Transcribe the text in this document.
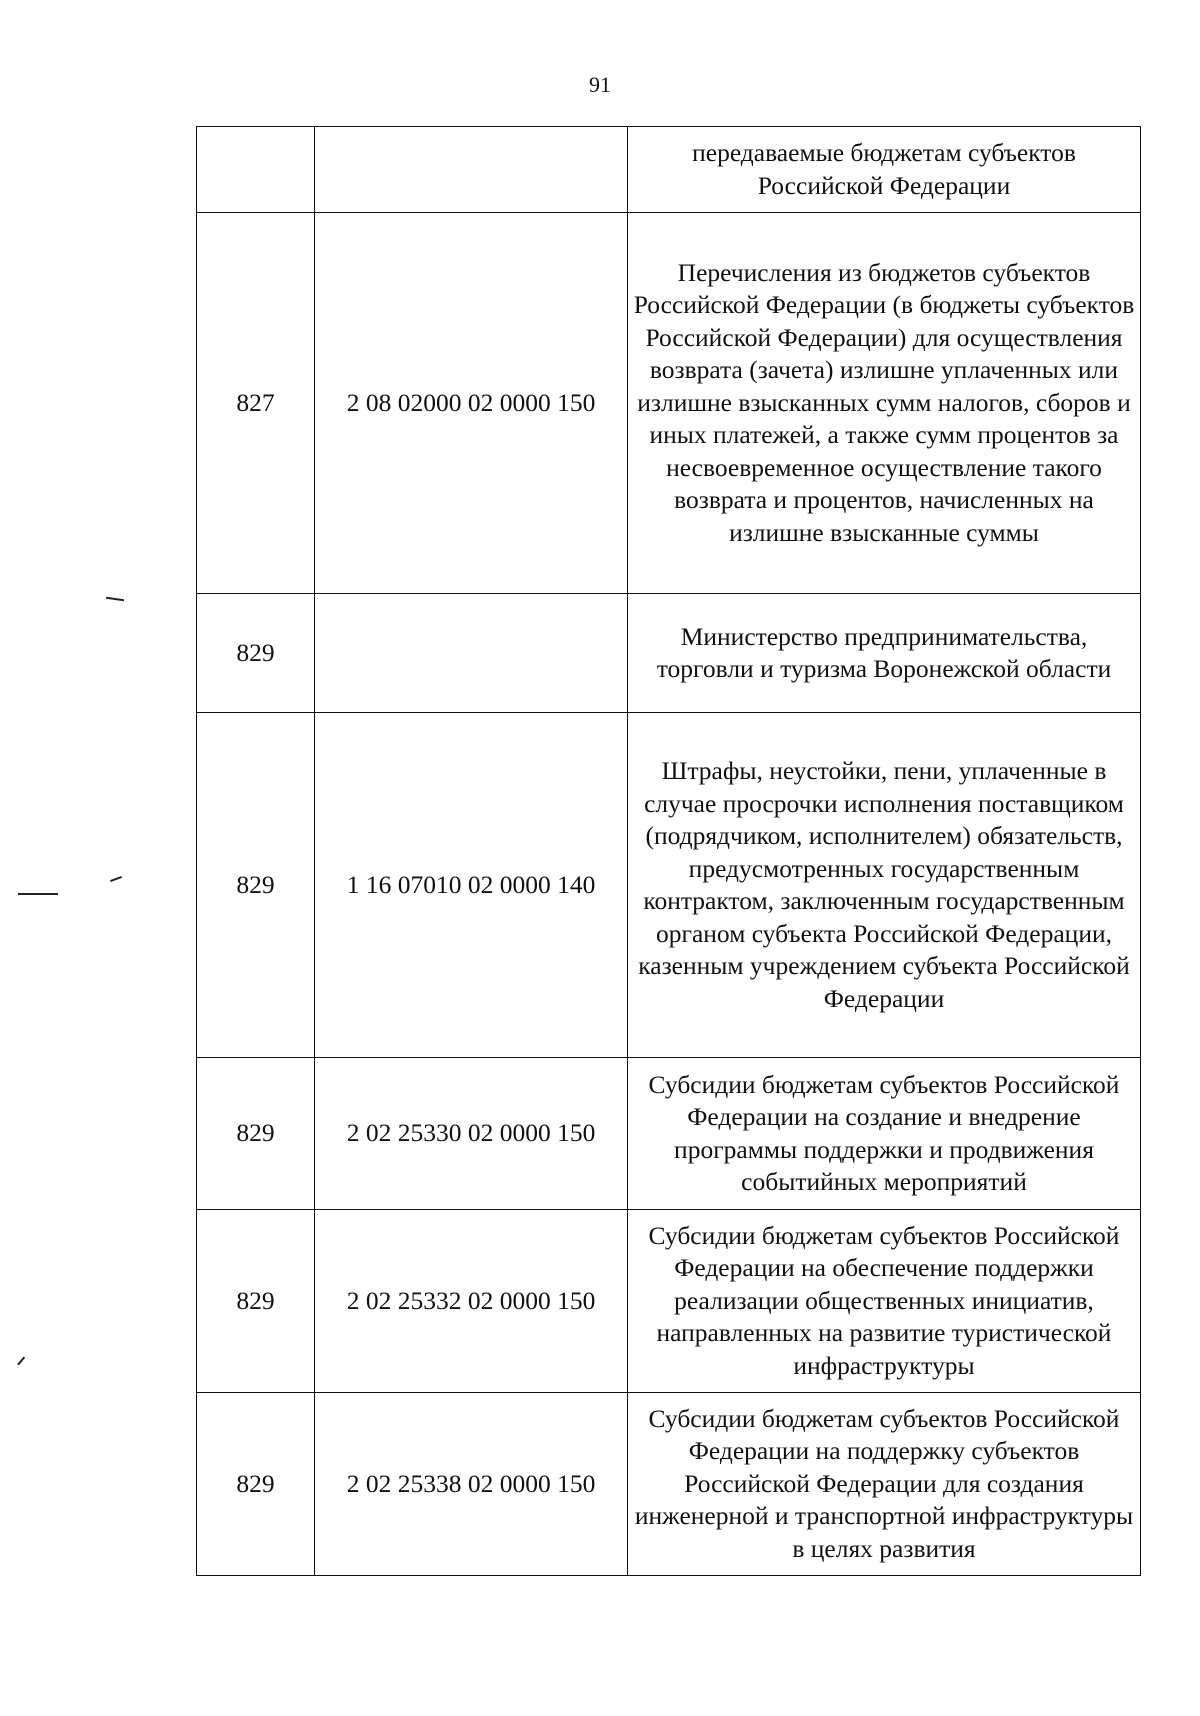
91
		передаваемые бюджетам субъектов Российской Федерации
827	2 08 02000 02 0000 150	Перечисления из бюджетов субъектов Российской Федерации (в бюджеты субъектов Российской Федерации) для осуществления возврата (зачета) излишне уплаченных или излишне взысканных сумм налогов, сборов и иных платежей, а также сумм процентов за несвоевременное осуществление такого возврата и процентов, начисленных на излишне взысканные суммы
829		Министерство предпринимательства, торговли и туризма Воронежской области
829	1 16 07010 02 0000 140	Штрафы, неустойки, пени, уплаченные в случае просрочки исполнения поставщиком (подрядчиком, исполнителем) обязательств, предусмотренных государственным контрактом, заключенным государственным органом субъекта Российской Федерации, казенным учреждением субъекта Российской Федерации
829	2 02 25330 02 0000 150	Субсидии бюджетам субъектов Российской Федерации на создание и внедрение программы поддержки и продвижения событийных мероприятий
829	2 02 25332 02 0000 150	Субсидии бюджетам субъектов Российской Федерации на обеспечение поддержки реализации общественных инициатив, направленных на развитие туристической инфраструктуры
829	2 02 25338 02 0000 150	Субсидии бюджетам субъектов Российской Федерации на поддержку субъектов Российской Федерации для создания инженерной и транспортной инфраструктуры в целях развития
